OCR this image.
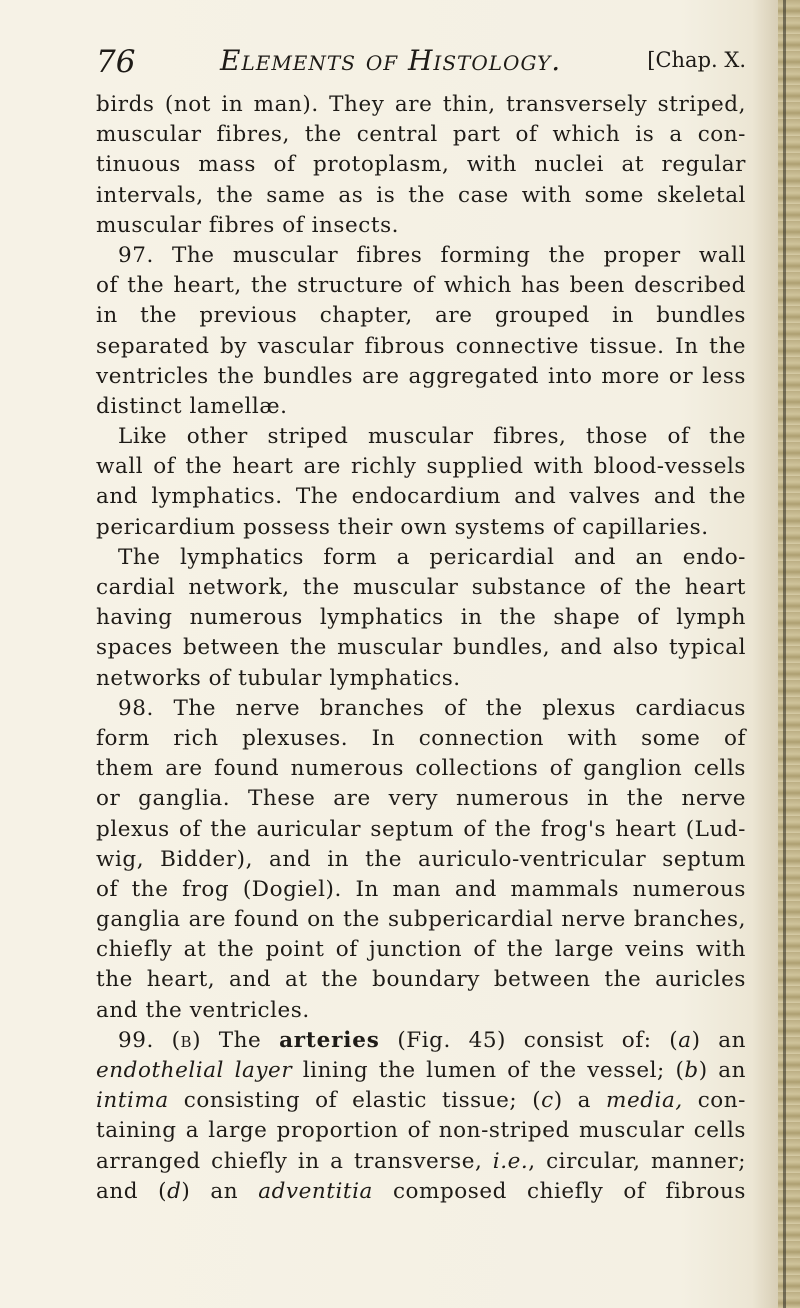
76	Elements of Histology.	[Chap. X.
birds (not in man). They are thin, transversely striped,
muscular fibres, the central part of which is a con-
tinuous mass of protoplasm, with nuclei at regular
intervals, the same as is the case with some skeletal
muscular fibres of insects.
97. The muscular fibres forming the proper wall
of the heart, the structure of which has been described
in the previous chapter, are grouped in bundles
separated by vascular fibrous connective tissue. In the
ventricles the bundles are aggregated into more or less
distinct lamellæ.
Like other striped muscular fibres, those of the
wall of the heart are richly supplied with blood-vessels
and lymphatics. The endocardium and valves and the
pericardium possess their own systems of capillaries.
The lymphatics form a pericardial and an endo-
cardial network, the muscular substance of the heart
having numerous lymphatics in the shape of lymph
spaces between the muscular bundles, and also typical
networks of tubular lymphatics.
98. The nerve branches of the plexus cardiacus
form rich plexuses. In connection with some of
them are found numerous collections of ganglion cells
or ganglia. These are very numerous in the nerve
plexus of the auricular septum of the frog's heart (Lud-
wig, Bidder), and in the auriculo-ventricular septum
of the frog (Dogiel). In man and mammals numerous
ganglia are found on the subpericardial nerve branches,
chiefly at the point of junction of the large veins with
the heart, and at the boundary between the auricles
and the ventricles.
99. (b) The arteries (Fig. 45) consist of: (a) an
endothelial layer lining the lumen of the vessel; (b) an
intima consisting of elastic tissue; (c) a media, con-
taining a large proportion of non-striped muscular cells
arranged chiefly in a transverse, i.e., circular, manner;
and (d) an adventitia composed chiefly of fibrous
